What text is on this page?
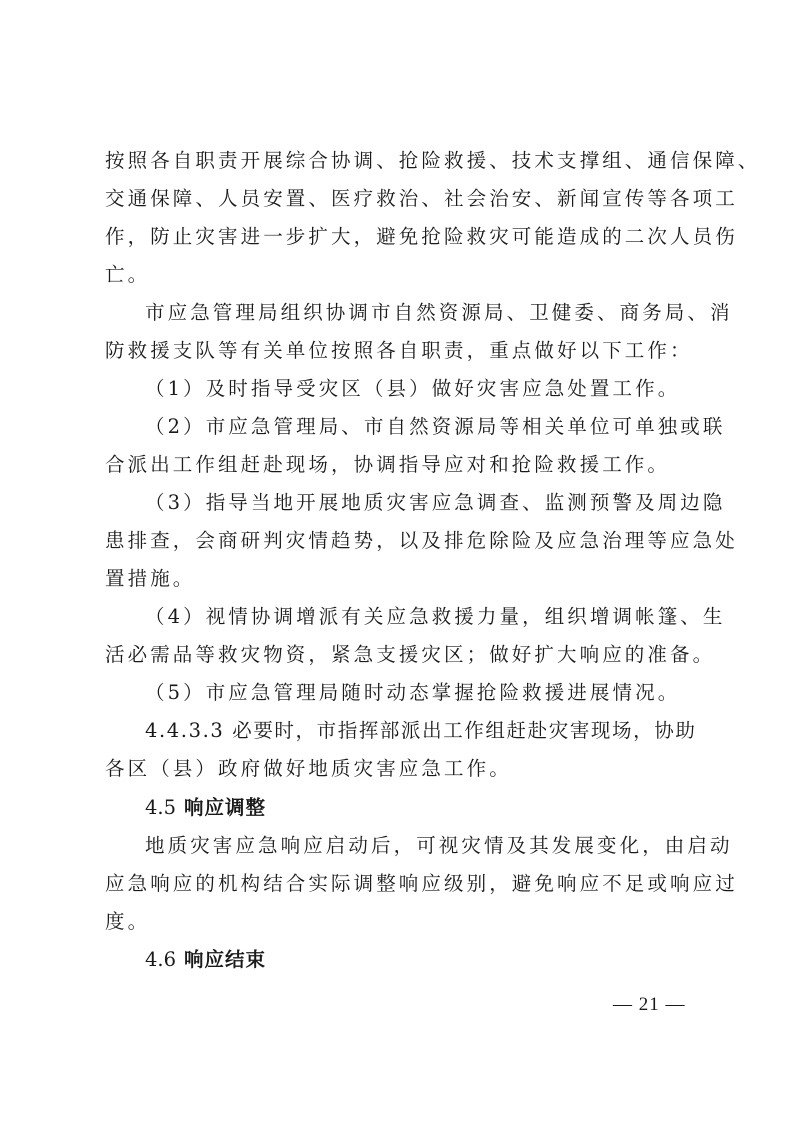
按照各自职责开展综合协调、抢险救援、技术支撑组、通信保障、
交通保障、人员安置、医疗救治、社会治安、新闻宣传等各项工
作，防止灾害进一步扩大，避免抢险救灾可能造成的二次人员伤
亡。
市应急管理局组织协调市自然资源局、卫健委、商务局、消
防救援支队等有关单位按照各自职责，重点做好以下工作：
（1）及时指导受灾区（县）做好灾害应急处置工作。
（2）市应急管理局、市自然资源局等相关单位可单独或联
合派出工作组赶赴现场，协调指导应对和抢险救援工作。
（3）指导当地开展地质灾害应急调查、监测预警及周边隐
患排查，会商研判灾情趋势，以及排危除险及应急治理等应急处
置措施。
（4）视情协调增派有关应急救援力量，组织增调帐篷、生
活必需品等救灾物资，紧急支援灾区；做好扩大响应的准备。
（5）市应急管理局随时动态掌握抢险救援进展情况。
4.4.3.3 必要时，市指挥部派出工作组赶赴灾害现场，协助
各区（县）政府做好地质灾害应急工作。
4.5 响应调整
地质灾害应急响应启动后，可视灾情及其发展变化，由启动
应急响应的机构结合实际调整响应级别，避免响应不足或响应过
度。
4.6 响应结束
— 21 —
